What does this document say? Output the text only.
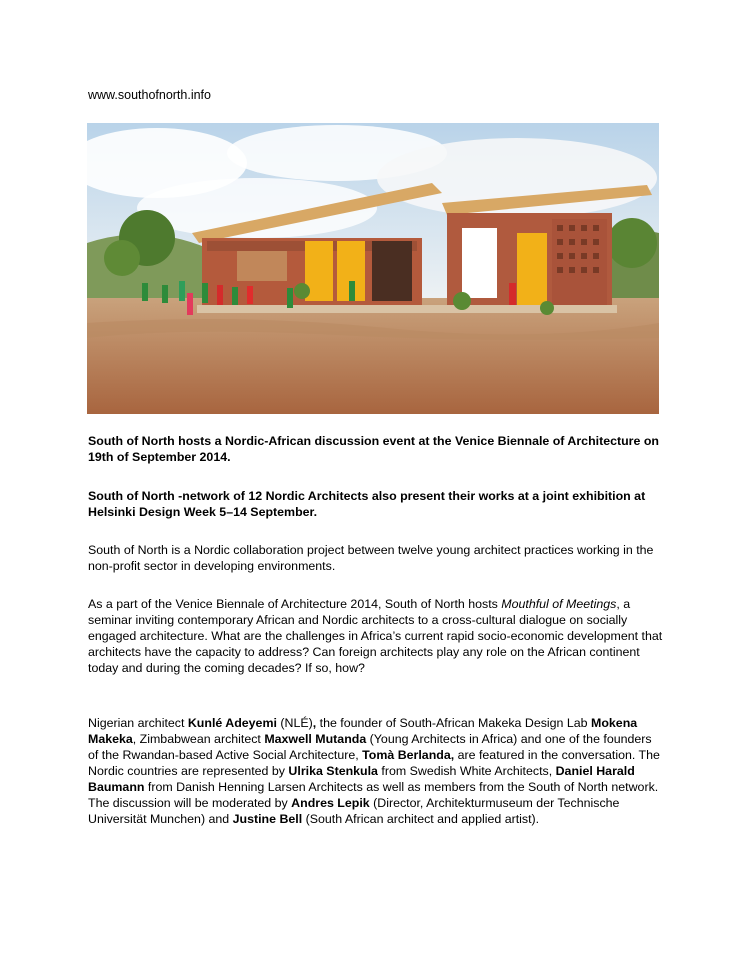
www.southofnorth.info

South of North hosts a Nordic-African discussion event at the Venice Biennale of Architecture on 19th of September 2014.

South of North -network of 12 Nordic Architects also present their works at a joint exhibition at Helsinki Design Week 5–14 September.

South of North is a Nordic collaboration project between twelve young architect practices working in the non-profit sector in developing environments.

As a part of the Venice Biennale of Architecture 2014, South of North hosts Mouthful of Meetings, a seminar inviting contemporary African and Nordic architects to a cross-cultural dialogue on socially engaged architecture. What are the challenges in Africa’s current rapid socio-economic development that architects have the capacity to address? Can foreign architects play any role on the African continent today and during the coming decades? If so, how?

Nigerian architect Kunlé Adeyemi (NLÉ), the founder of South-African Makeka Design Lab Mokena Makeka, Zimbabwean architect Maxwell Mutanda (Young Architects in Africa) and one of the founders of the Rwandan-based Active Social Architecture, Tomà Berlanda, are featured in the conversation. The Nordic countries are represented by Ulrika Stenkula from Swedish White Architects, Daniel Harald Baumann from Danish Henning Larsen Architects as well as members from the South of North network. The discussion will be moderated by Andres Lepik (Director, Architekturmuseum der Technische Universität Munchen) and Justine Bell (South African architect and applied artist).
